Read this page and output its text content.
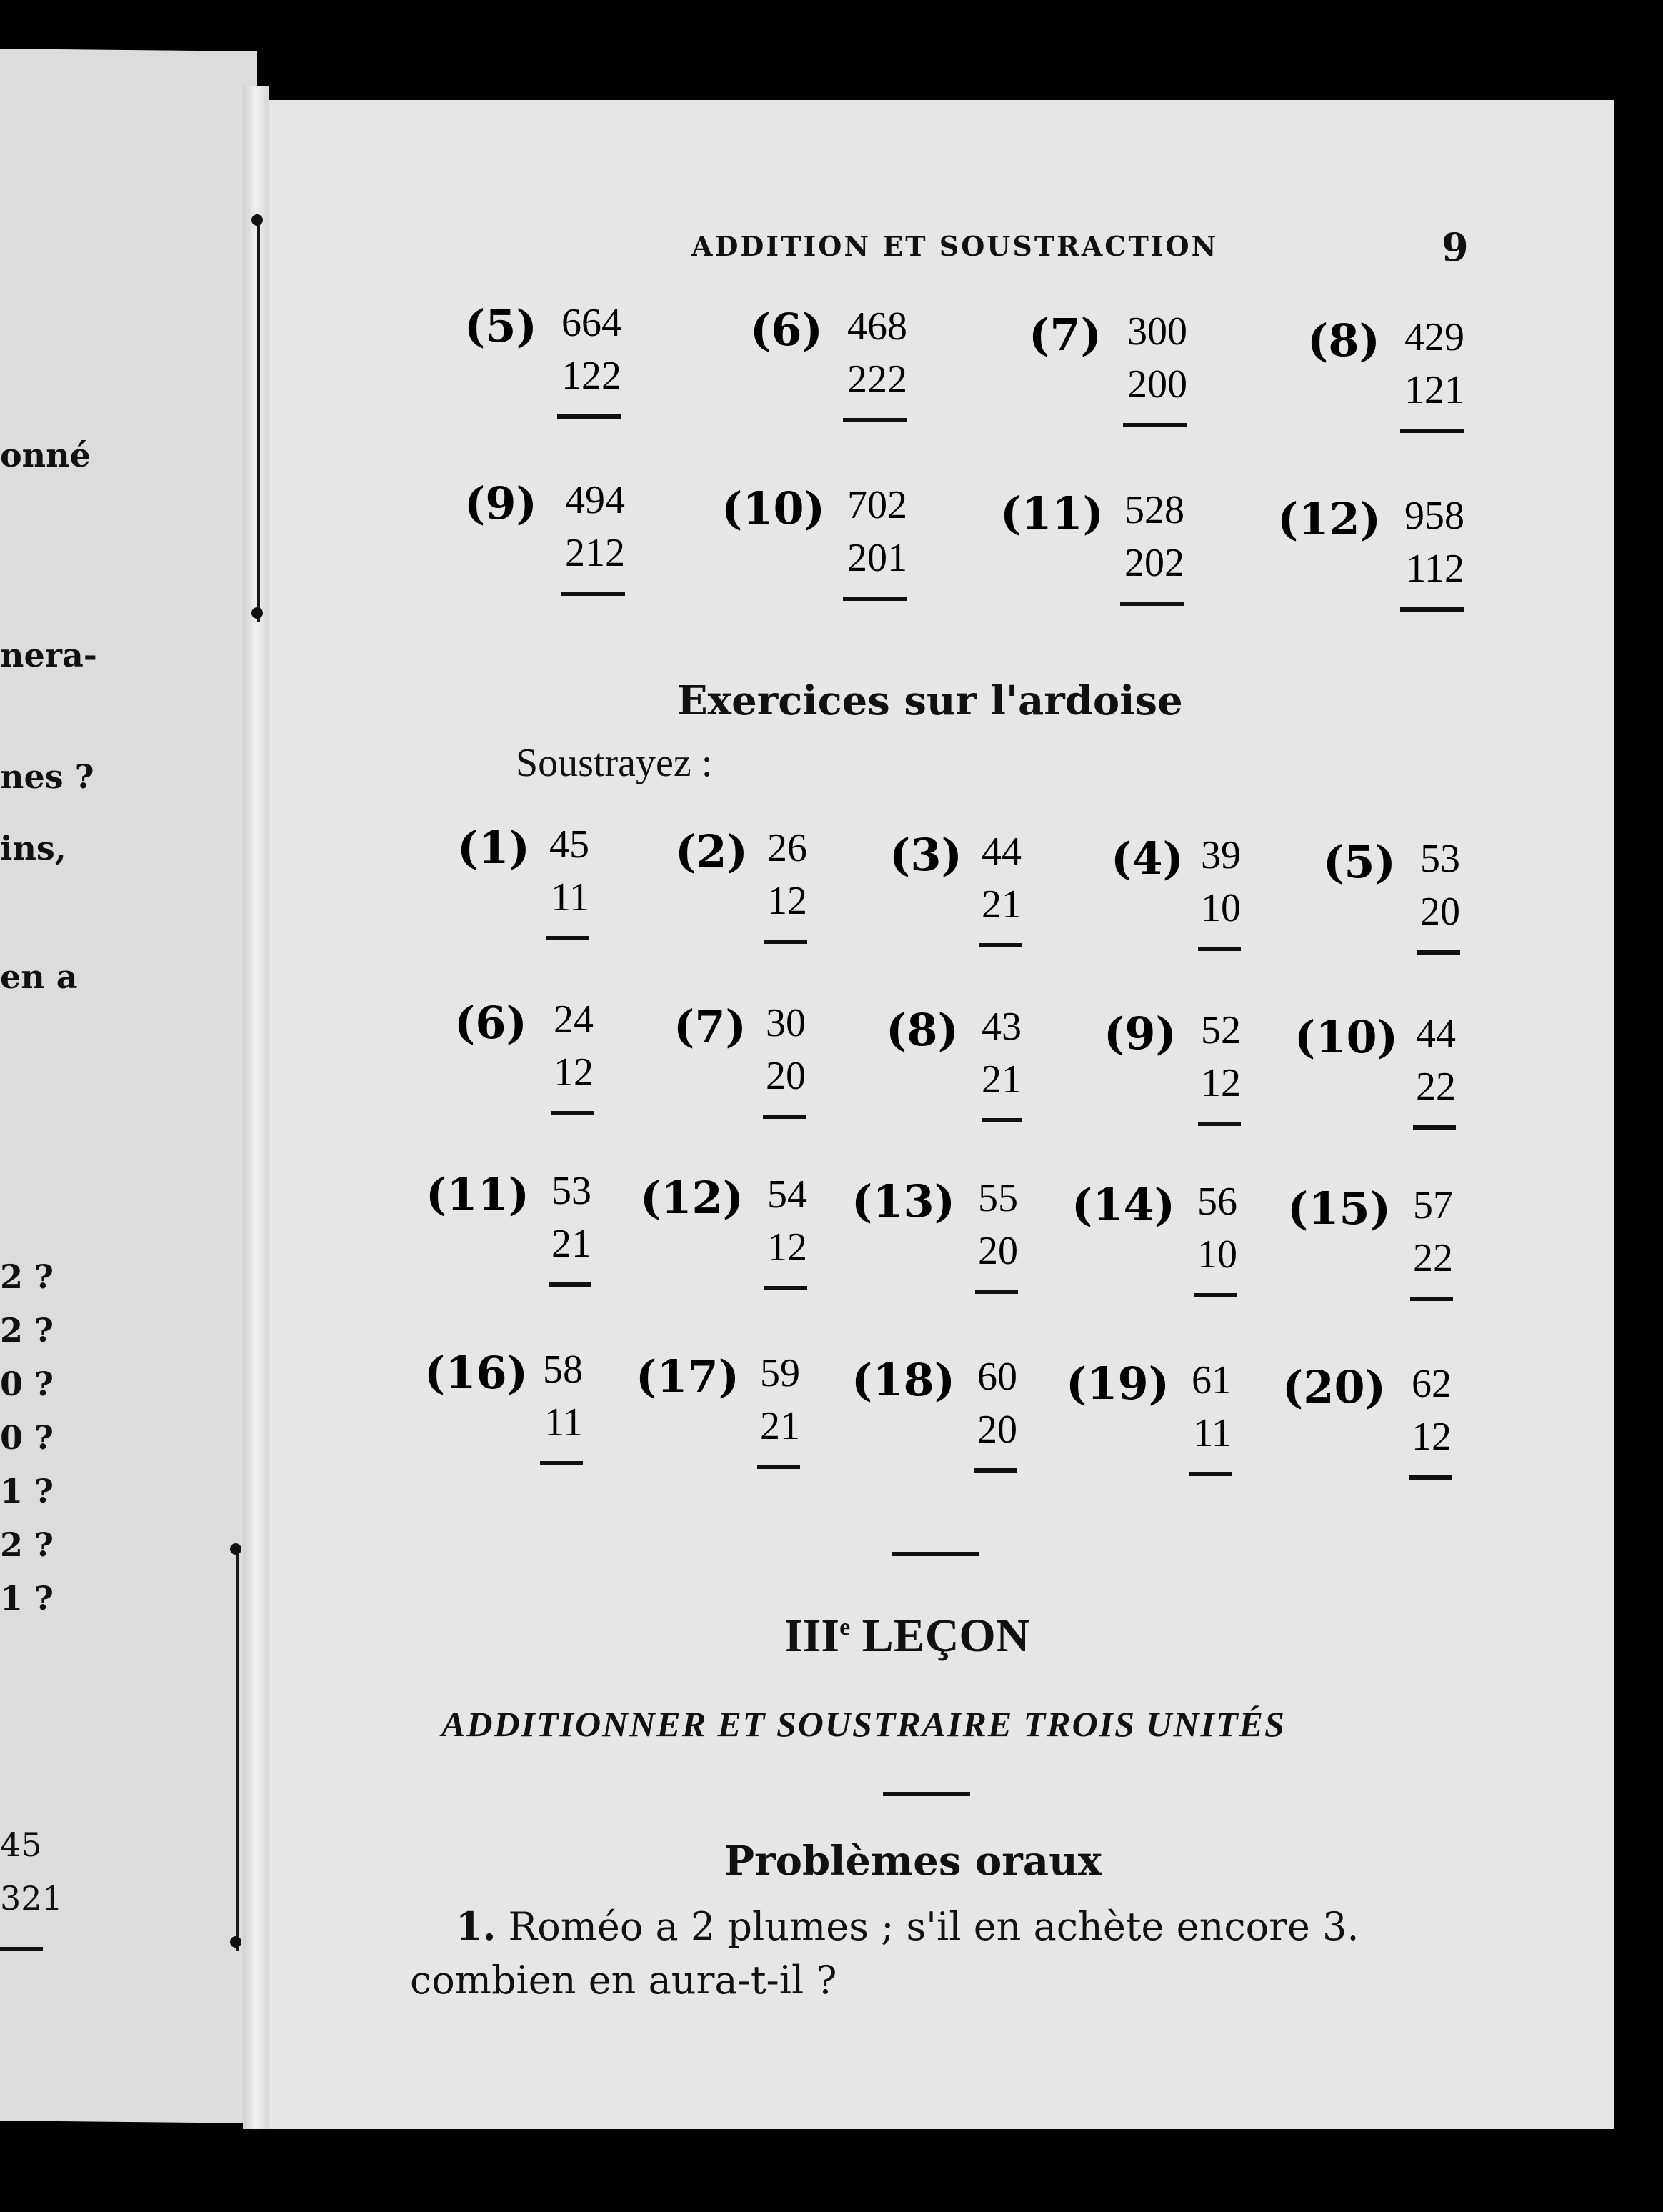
onné
nera-
nes ?
ins,
en a
2 ?
2 ?
0 ?
0 ?
1 ?
2 ?
1 ?
45
321
ADDITION ET SOUSTRACTION	9
(5) 664
122
(6) 468
222
(7) 300
200
(8) 429
121
(9) 494
212
(10) 702
201
(11) 528
202
(12) 958
112
Exercices sur l'ardoise
Soustrayez :
(1) 45
11
(2) 26
12
(3) 44
21
(4) 39
10
(5) 53
20
(6) 24
12
(7) 30
20
(8) 43
21
(9) 52
12
(10) 44
22
(11) 53
21
(12) 54
12
(13) 55
20
(14) 56
10
(15) 57
22
(16) 58
11
(17) 59
21
(18) 60
20
(19) 61
11
(20) 62
12
IIIe LEÇON
ADDITIONNER ET SOUSTRAIRE TROIS UNITÉS
Problèmes oraux
1. Roméo a 2 plumes ; s'il en achète encore 3.
combien en aura-t-il ?
